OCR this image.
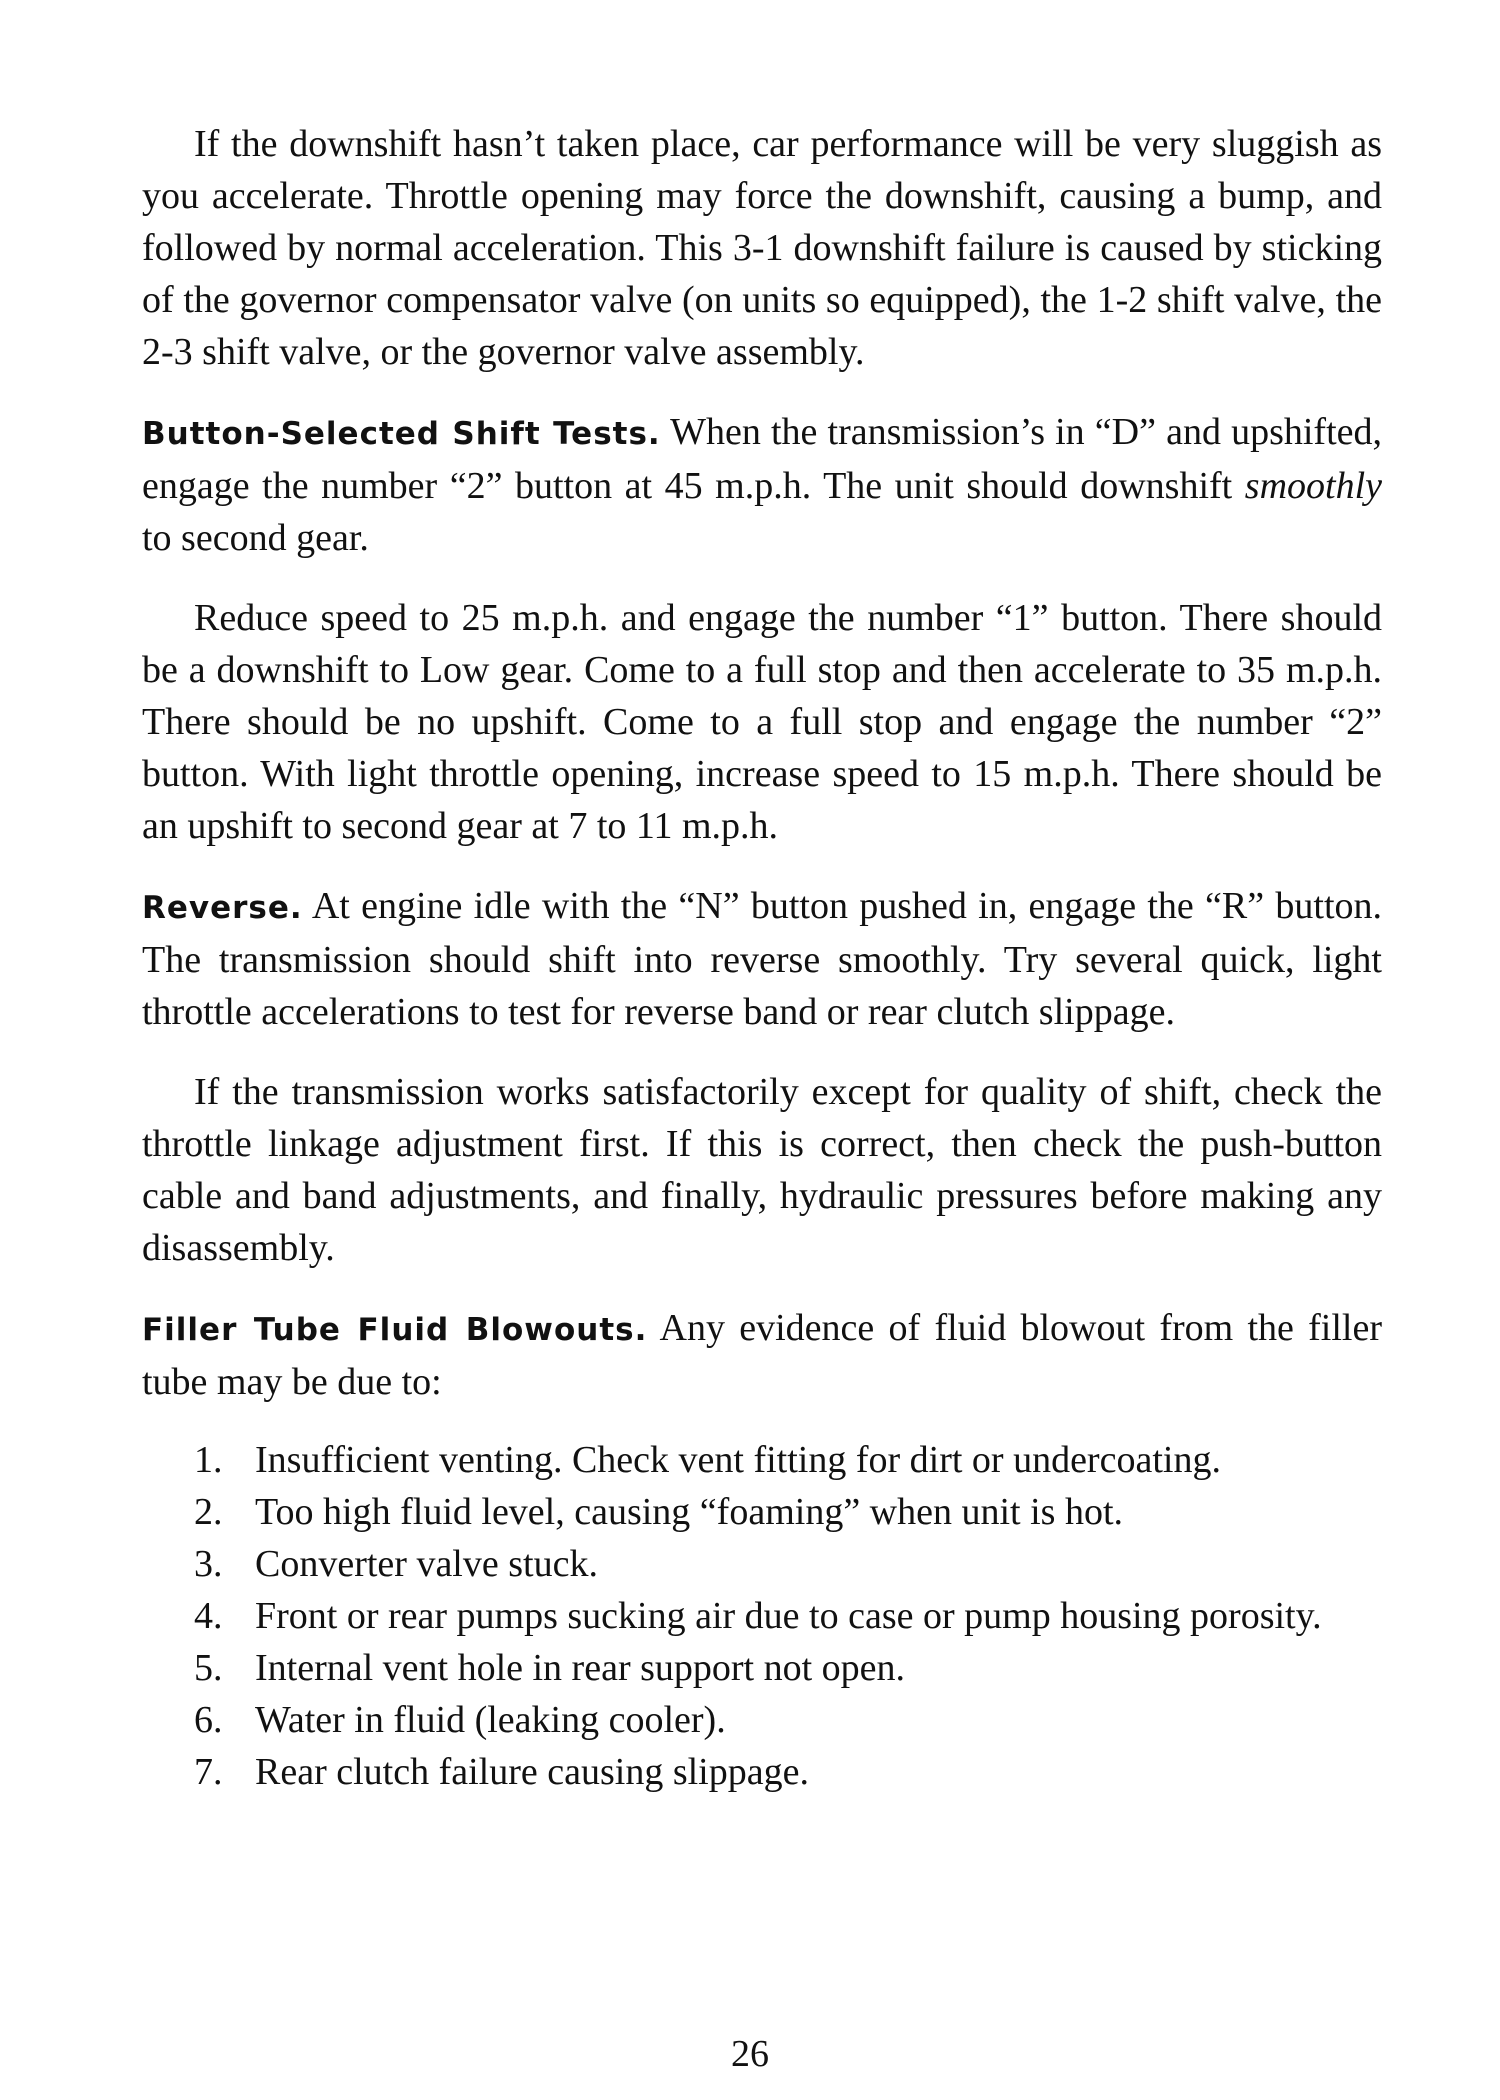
If the downshift hasn’t taken place, car performance will be very sluggish as you accelerate. Throttle opening may force the downshift, causing a bump, and followed by normal acceleration. This 3-1 downshift failure is caused by sticking of the governor compensator valve (on units so equipped), the 1-2 shift valve, the 2-3 shift valve, or the governor valve assembly.

Button-Selected Shift Tests. When the transmission’s in “D” and upshifted, engage the number “2” button at 45 m.p.h. The unit should downshift smoothly to second gear.

Reduce speed to 25 m.p.h. and engage the number “1” button. There should be a downshift to Low gear. Come to a full stop and then accelerate to 35 m.p.h. There should be no upshift. Come to a full stop and engage the number “2” button. With light throttle opening, increase speed to 15 m.p.h. There should be an upshift to second gear at 7 to 11 m.p.h.

Reverse. At engine idle with the “N” button pushed in, engage the “R” button. The transmission should shift into reverse smoothly. Try several quick, light throttle accelerations to test for reverse band or rear clutch slippage.

If the transmission works satisfactorily except for quality of shift, check the throttle linkage adjustment first. If this is correct, then check the push-button cable and band adjustments, and finally, hydraulic pressures before making any disassembly.

Filler Tube Fluid Blowouts. Any evidence of fluid blowout from the filler tube may be due to:

1. Insufficient venting. Check vent fitting for dirt or undercoating.
2. Too high fluid level, causing “foaming” when unit is hot.
3. Converter valve stuck.
4. Front or rear pumps sucking air due to case or pump housing porosity.
5. Internal vent hole in rear support not open.
6. Water in fluid (leaking cooler).
7. Rear clutch failure causing slippage.
26
